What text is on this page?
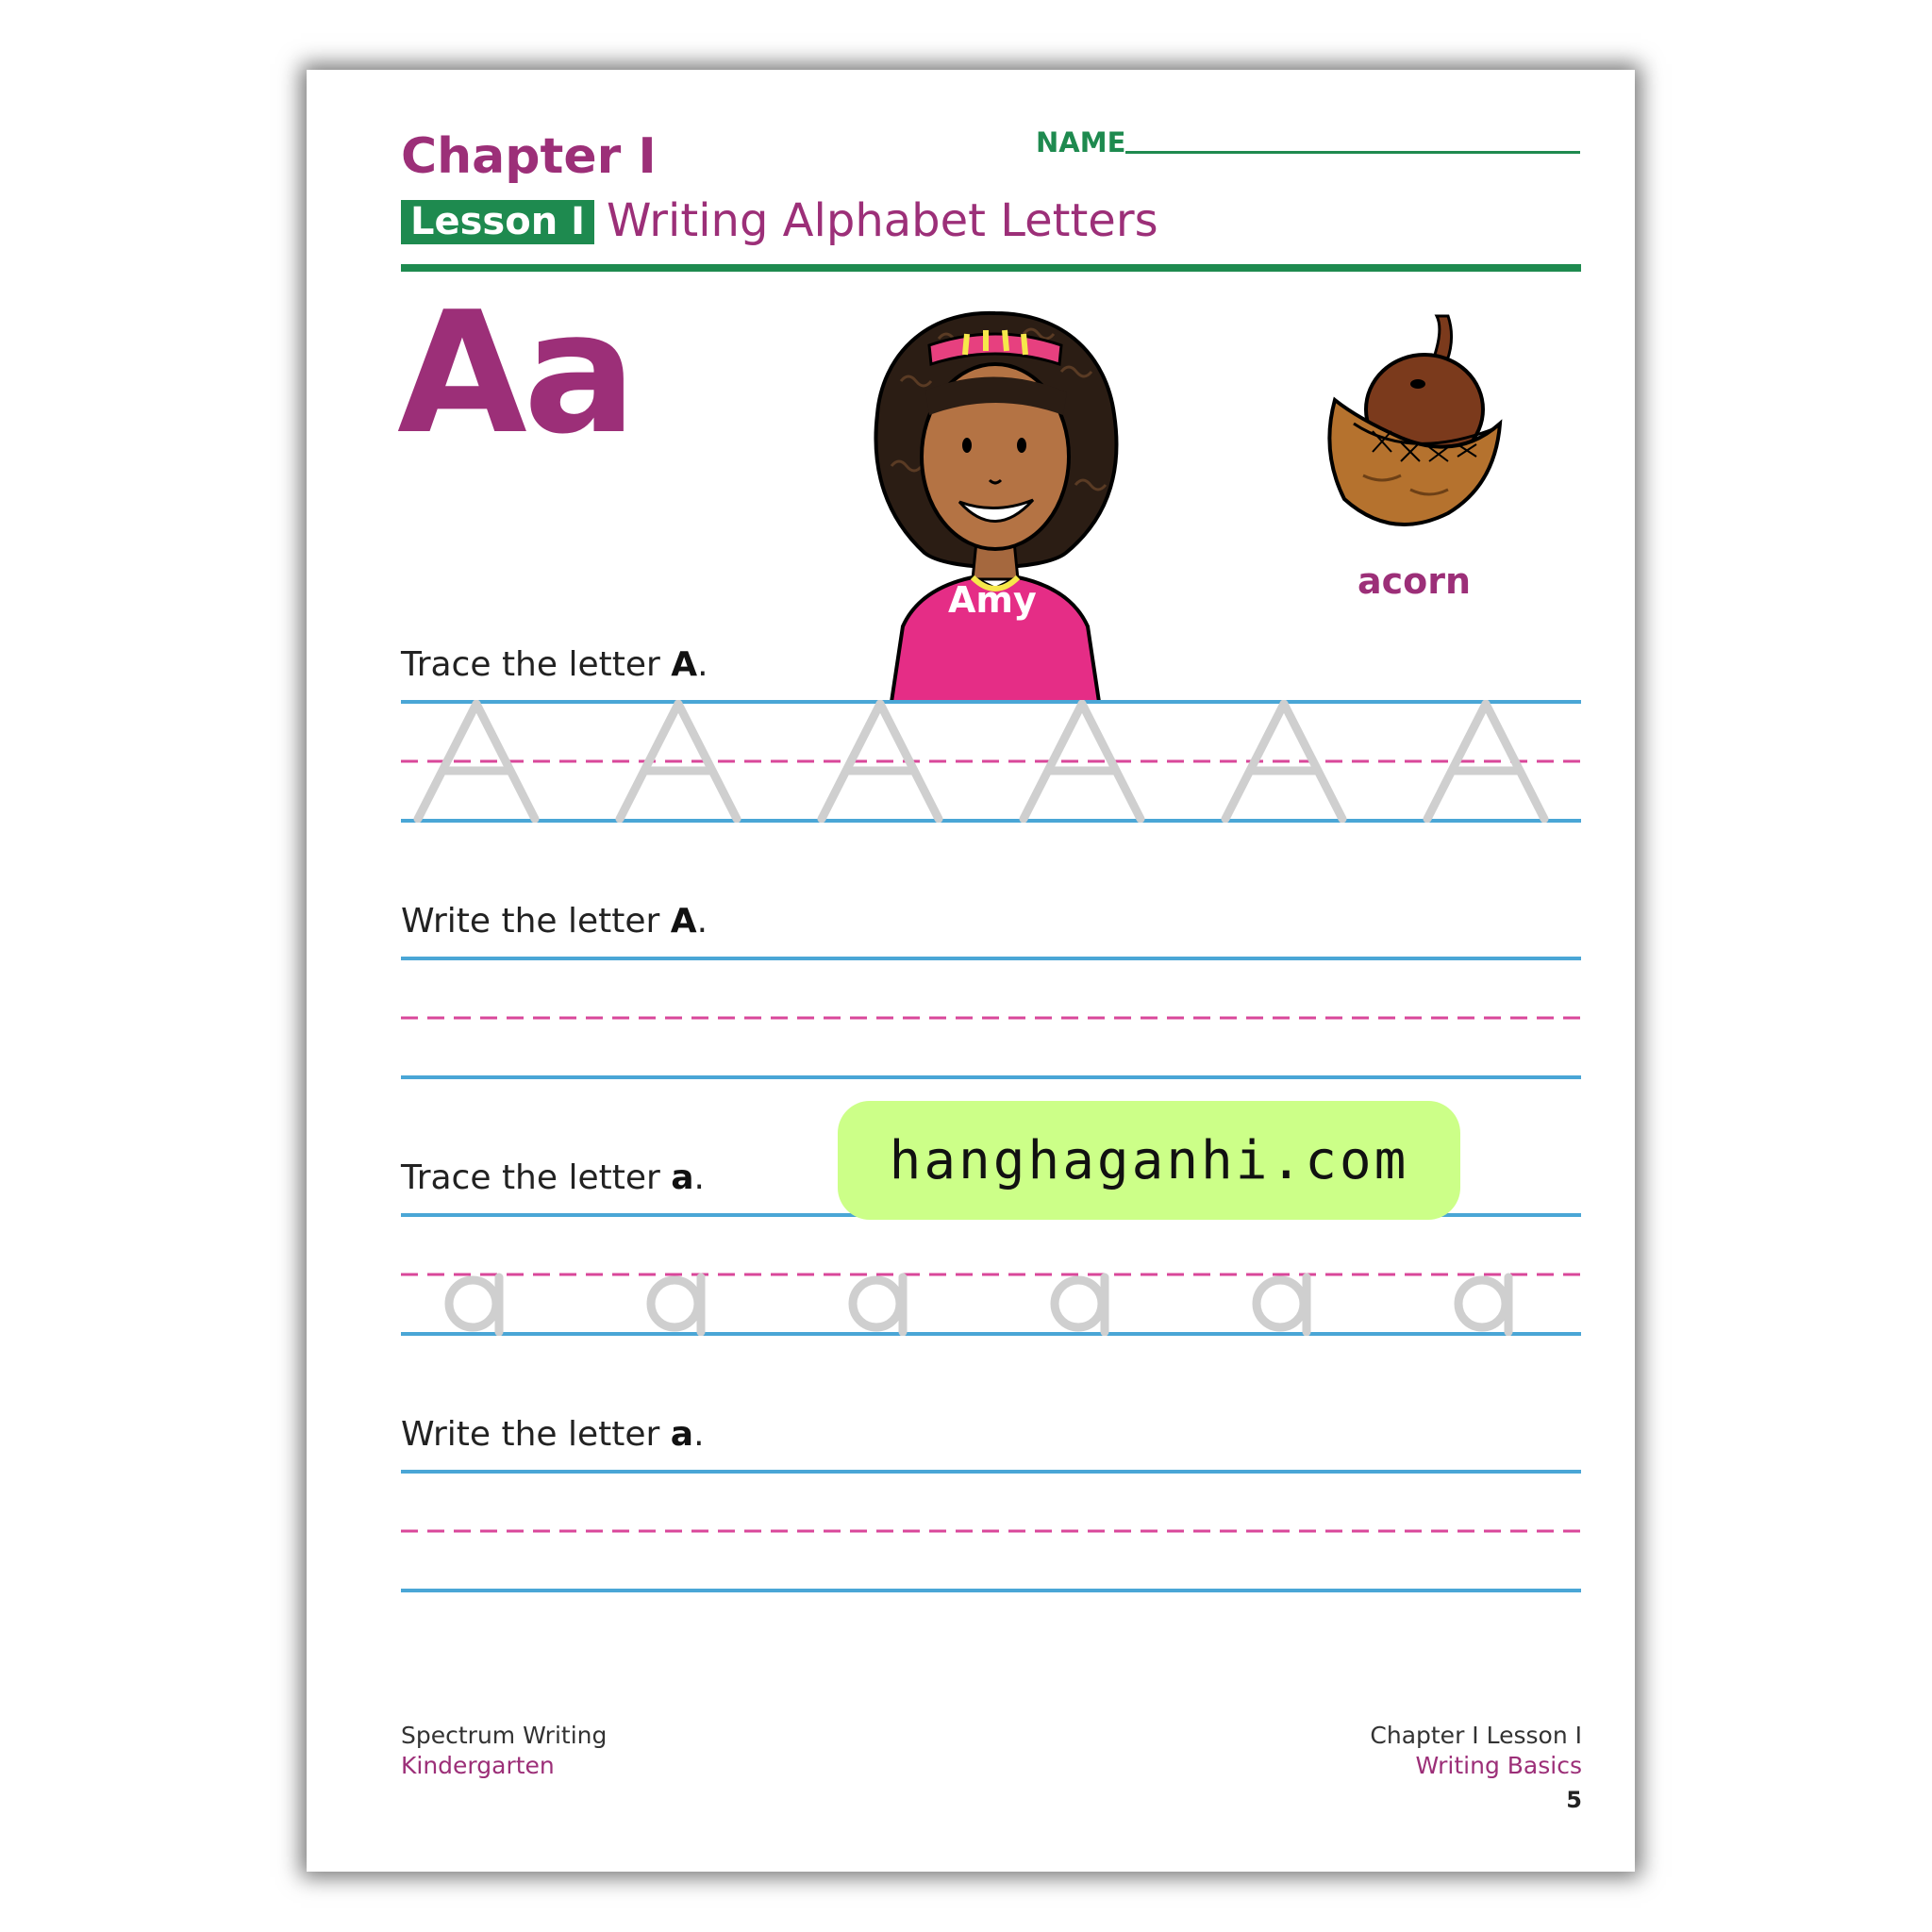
Chapter I	NAME
Lesson I Writing Alphabet Letters
Aa
Amy	acorn
Trace the letter A.
Write the letter A.
Trace the letter a.
Write the letter a.
Spectrum Writing
Kindergarten
Chapter I Lesson I
Writing Basics
5
hanghaganhi.com
